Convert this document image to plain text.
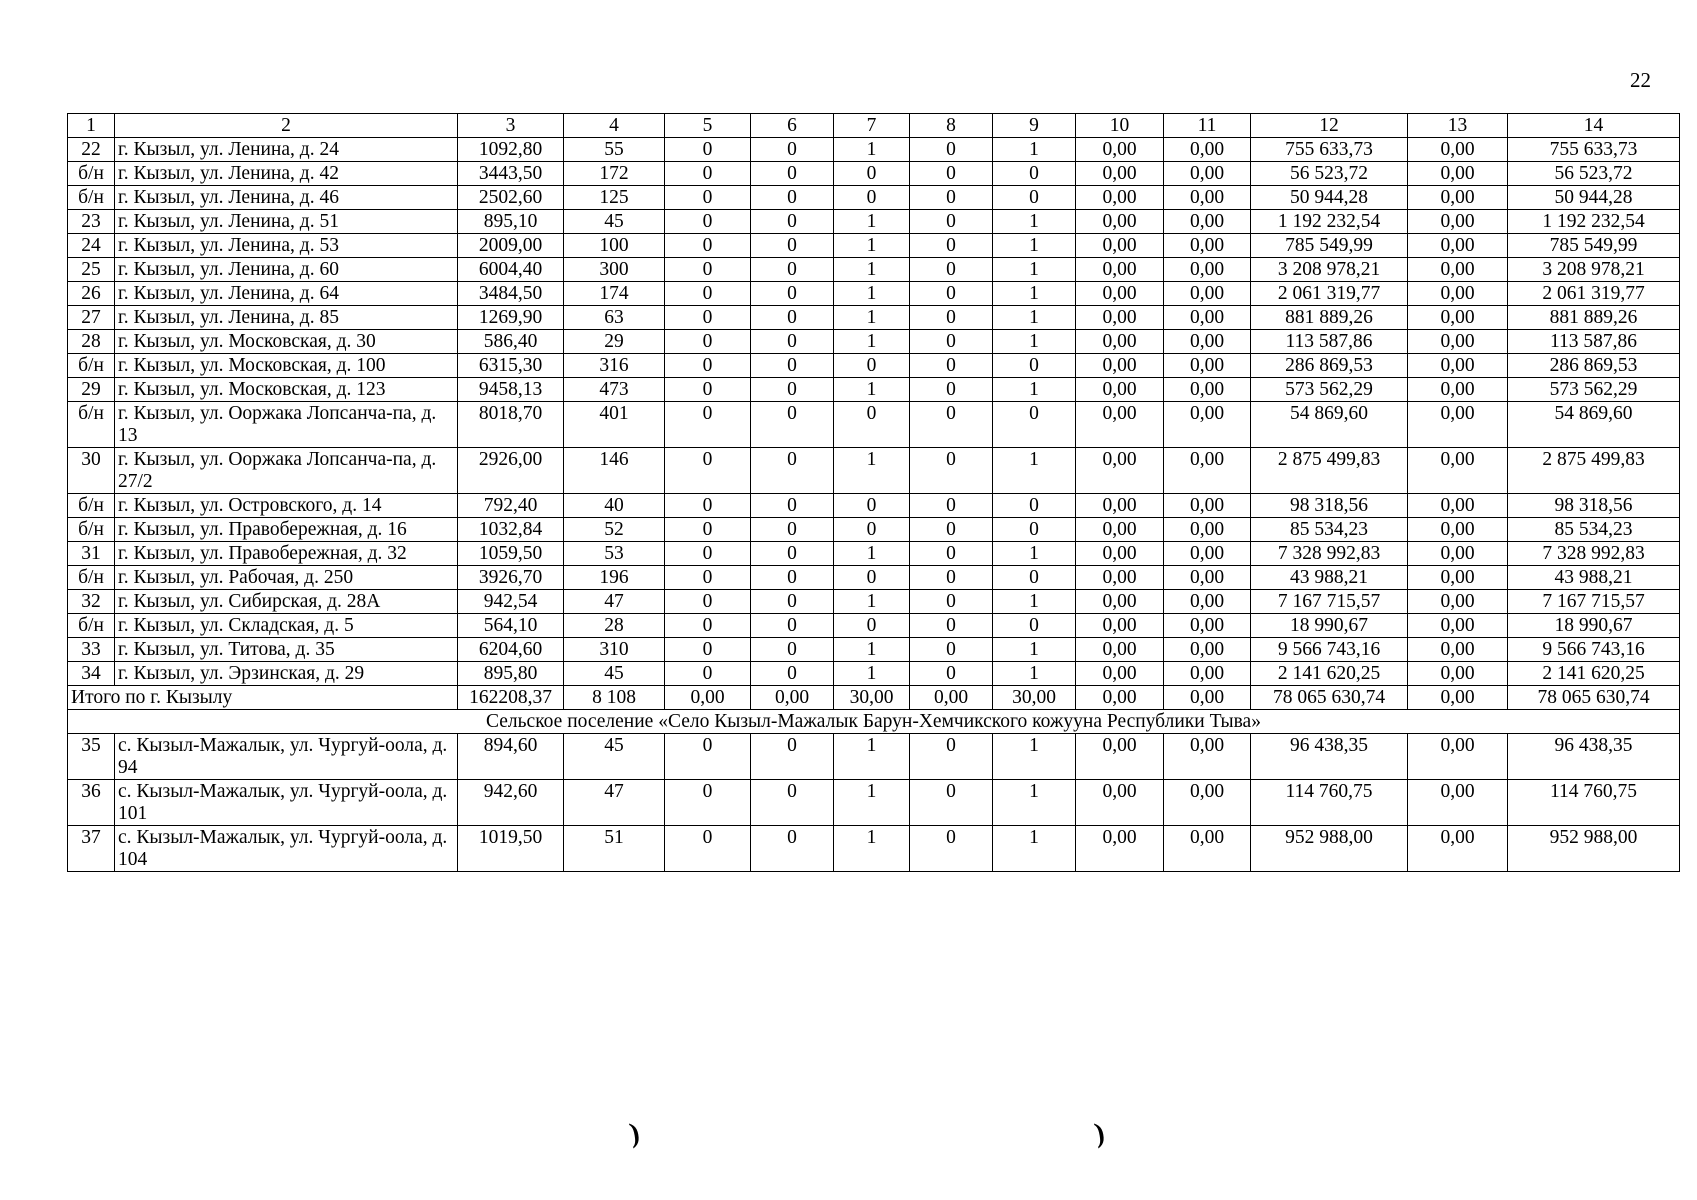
22
1	2	3	4	5	6	7	8	9	10	11	12	13	14
22	г. Кызыл, ул. Ленина, д. 24	1092,80	55	0	0	1	0	1	0,00	0,00	755 633,73	0,00	755 633,73
б/н	г. Кызыл, ул. Ленина, д. 42	3443,50	172	0	0	0	0	0	0,00	0,00	56 523,72	0,00	56 523,72
б/н	г. Кызыл, ул. Ленина, д. 46	2502,60	125	0	0	0	0	0	0,00	0,00	50 944,28	0,00	50 944,28
23	г. Кызыл, ул. Ленина, д. 51	895,10	45	0	0	1	0	1	0,00	0,00	1 192 232,54	0,00	1 192 232,54
24	г. Кызыл, ул. Ленина, д. 53	2009,00	100	0	0	1	0	1	0,00	0,00	785 549,99	0,00	785 549,99
25	г. Кызыл, ул. Ленина, д. 60	6004,40	300	0	0	1	0	1	0,00	0,00	3 208 978,21	0,00	3 208 978,21
26	г. Кызыл, ул. Ленина, д. 64	3484,50	174	0	0	1	0	1	0,00	0,00	2 061 319,77	0,00	2 061 319,77
27	г. Кызыл, ул. Ленина, д. 85	1269,90	63	0	0	1	0	1	0,00	0,00	881 889,26	0,00	881 889,26
28	г. Кызыл, ул. Московская, д. 30	586,40	29	0	0	1	0	1	0,00	0,00	113 587,86	0,00	113 587,86
б/н	г. Кызыл, ул. Московская, д. 100	6315,30	316	0	0	0	0	0	0,00	0,00	286 869,53	0,00	286 869,53
29	г. Кызыл, ул. Московская, д. 123	9458,13	473	0	0	1	0	1	0,00	0,00	573 562,29	0,00	573 562,29
б/н	г. Кызыл, ул. Ооржака Лопсанча-па, д. 13	8018,70	401	0	0	0	0	0	0,00	0,00	54 869,60	0,00	54 869,60
30	г. Кызыл, ул. Ооржака Лопсанча-па, д. 27/2	2926,00	146	0	0	1	0	1	0,00	0,00	2 875 499,83	0,00	2 875 499,83
б/н	г. Кызыл, ул. Островского, д. 14	792,40	40	0	0	0	0	0	0,00	0,00	98 318,56	0,00	98 318,56
б/н	г. Кызыл, ул. Правобережная, д. 16	1032,84	52	0	0	0	0	0	0,00	0,00	85 534,23	0,00	85 534,23
31	г. Кызыл, ул. Правобережная, д. 32	1059,50	53	0	0	1	0	1	0,00	0,00	7 328 992,83	0,00	7 328 992,83
б/н	г. Кызыл, ул. Рабочая, д. 250	3926,70	196	0	0	0	0	0	0,00	0,00	43 988,21	0,00	43 988,21
32	г. Кызыл, ул. Сибирская, д. 28А	942,54	47	0	0	1	0	1	0,00	0,00	7 167 715,57	0,00	7 167 715,57
б/н	г. Кызыл, ул. Складская, д. 5	564,10	28	0	0	0	0	0	0,00	0,00	18 990,67	0,00	18 990,67
33	г. Кызыл, ул. Титова, д. 35	6204,60	310	0	0	1	0	1	0,00	0,00	9 566 743,16	0,00	9 566 743,16
34	г. Кызыл, ул. Эрзинская, д. 29	895,80	45	0	0	1	0	1	0,00	0,00	2 141 620,25	0,00	2 141 620,25
Итого по г. Кызылу		162208,37	8 108	0,00	0,00	30,00	0,00	30,00	0,00	0,00	78 065 630,74	0,00	78 065 630,74
Сельское поселение «Село Кызыл-Мажалык Барун-Хемчикского кожууна Республики Тыва»													
35	с. Кызыл-Мажалык, ул. Чургуй-оола, д. 94	894,60	45	0	0	1	0	1	0,00	0,00	96 438,35	0,00	96 438,35
36	с. Кызыл-Мажалык, ул. Чургуй-оола, д. 101	942,60	47	0	0	1	0	1	0,00	0,00	114 760,75	0,00	114 760,75
37	с. Кызыл-Мажалык, ул. Чургуй-оола, д. 104	1019,50	51	0	0	1	0	1	0,00	0,00	952 988,00	0,00	952 988,00
)	)
